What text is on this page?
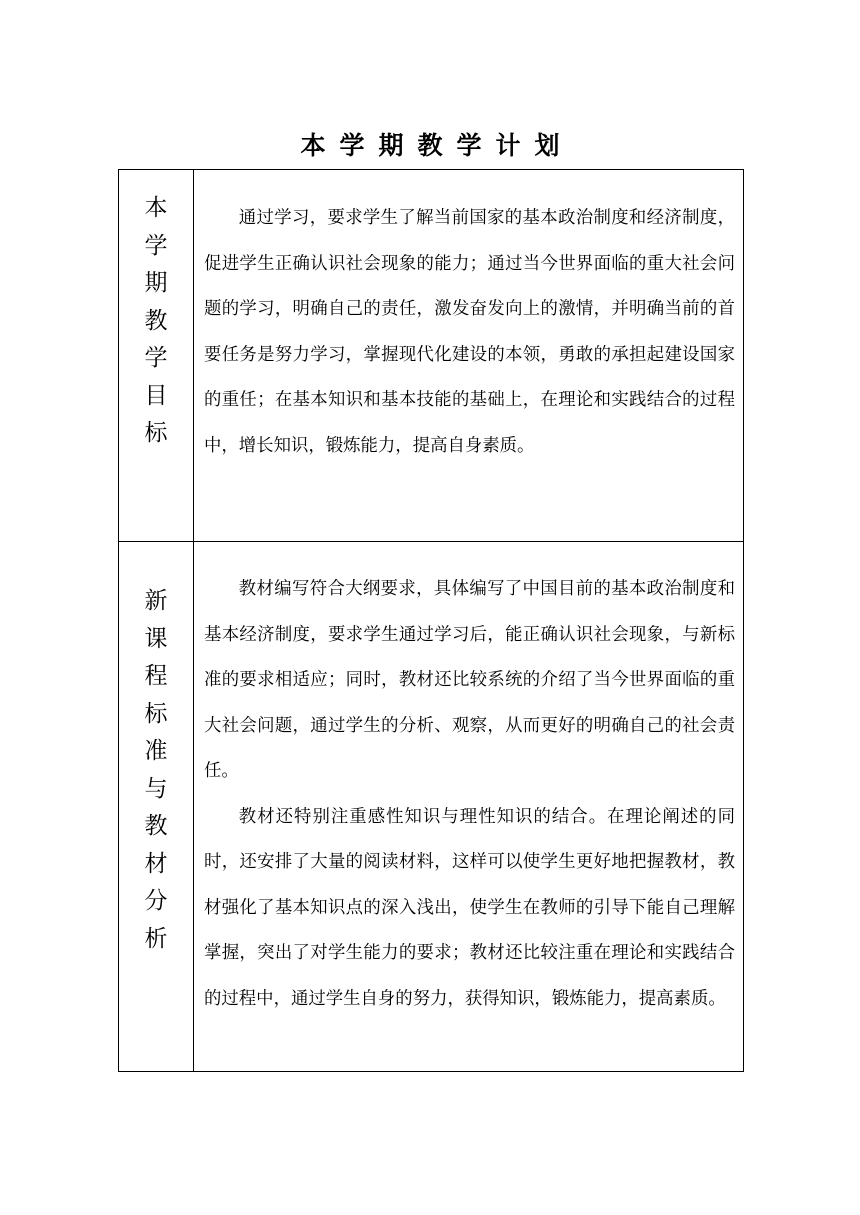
本学期教学计划
本学期教学目标	通过学习，要求学生了解当前国家的基本政治制度和经济制度，促进学生正确认识社会现象的能力；通过当今世界面临的重大社会问题的学习，明确自己的责任，激发奋发向上的激情，并明确当前的首要任务是努力学习，掌握现代化建设的本领，勇敢的承担起建设国家的重任；在基本知识和基本技能的基础上，在理论和实践结合的过程中，增长知识，锻炼能力，提高自身素质。

新课程标准与教材分析	教材编写符合大纲要求，具体编写了中国目前的基本政治制度和基本经济制度，要求学生通过学习后，能正确认识社会现象，与新标准的要求相适应；同时，教材还比较系统的介绍了当今世界面临的重大社会问题，通过学生的分析、观察，从而更好的明确自己的社会责任。

教材还特别注重感性知识与理性知识的结合。在理论阐述的同时，还安排了大量的阅读材料，这样可以使学生更好地把握教材，教材强化了基本知识点的深入浅出，使学生在教师的引导下能自己理解掌握，突出了对学生能力的要求；教材还比较注重在理论和实践结合的过程中，通过学生自身的努力，获得知识，锻炼能力，提高素质。
